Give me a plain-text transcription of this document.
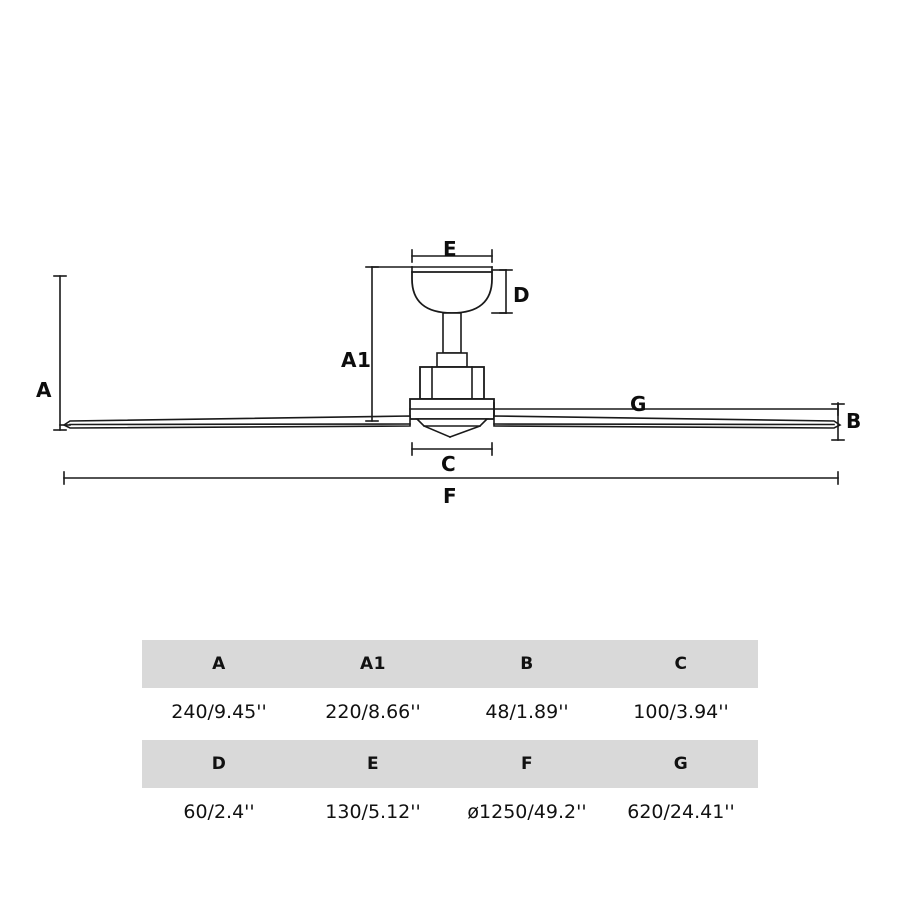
A
A1
B
C
D
E
F
G
A	A1	B	C
240/9.45''	220/8.66''	48/1.89''	100/3.94''

D	E	F	G
60/2.4''	130/5.12''	ø1250/49.2''	620/24.41''
